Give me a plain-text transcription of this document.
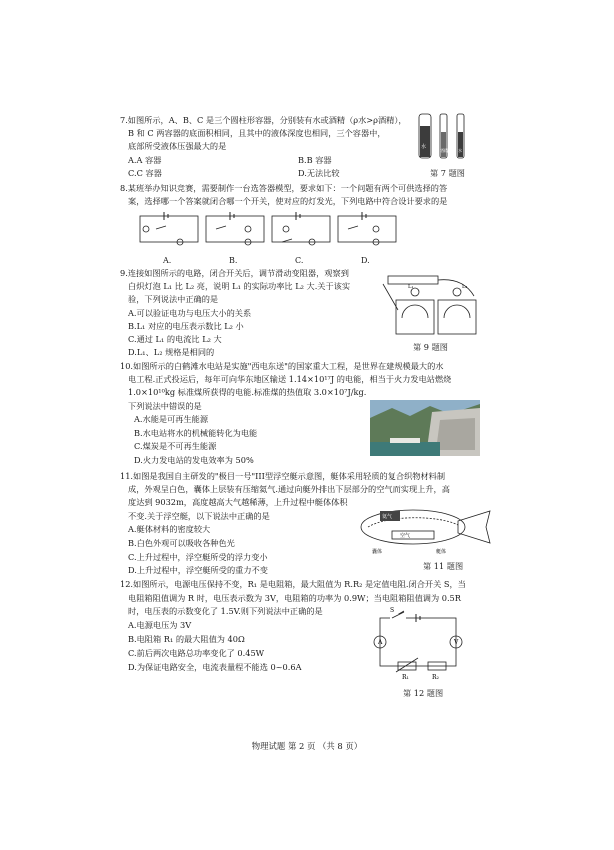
7.如图所示，A、B、C 是三个圆柱形容器，分别装有水或酒精（ρ水>ρ酒精），
B 和 C 两容器的底面积相同，且其中的液体深度也相同，三个容器中，
底部所受液体压强最大的是
A.A 容器	B.B 容器
C.C 容器	D.无法比较
水
酒精	水
第 7 题图
8.某班举办知识竞赛，需要制作一台选答器模型，要求如下：一个问题有两个可供选择的答
案，选择哪一个答案就闭合哪一个开关，使对应的灯发光，下列电路中符合设计要求的是
A.	B.	C.	D.
9.连接如图所示的电路，闭合开关后，调节滑动变阻器，观察到
白炽灯泡 L₁ 比 L₂ 亮，说明 L₁ 的实际功率比 L₂ 大.关于该实
验，下列说法中正确的是
A.可以验证电功与电压大小的关系
B.L₁ 对应的电压表示数比 L₂ 小
C.通过 L₁ 的电流比 L₂ 大
D.L₁、L₂ 规格是相同的
L₁	L₂
第 9 题图
10.如图所示的白鹤滩水电站是实施"西电东送"的国家重大工程，是世界在建规模最大的水
电工程.正式投运后，每年可向华东地区输送 1.14×10¹⁷J 的电能，相当于火力发电站燃烧
1.0×10¹⁰kg 标准煤所获得的电能.标准煤的热值取 3.0×10⁷J/kg.
下列说法中错误的是
A.水能是可再生能源
B.水电站将水的机械能转化为电能
C.煤炭是不可再生能源
D.火力发电站的发电效率为 50%
11.如图是我国自主研发的"极目一号"III型浮空艇示意图，艇体采用轻质的复合织物材料制
成，外观呈白色，囊体上层装有压缩氦气.通过向艇外排出下层部分的空气而实现上升，高
度达到 9032m，高度越高大气越稀薄，上升过程中艇体体积
不变.关于浮空艇，以下说法中正确的是
A.艇体材料的密度较大
B.白色外观可以吸收各种色光
C.上升过程中，浮空艇所受的浮力变小
D.上升过程中，浮空艇所受的重力不变
氦气
空气
囊体	艇体
第 11 题图
12.如图所示，电源电压保持不变，R₁ 是电阻箱，最大阻值为 R.R₂ 是定值电阻.闭合开关 S，当
电阻箱阻值调为 R 时，电压表示数为 3V，电阻箱的功率为 0.9W；当电阻箱阻值调为 0.5R
时，电压表的示数变化了 1.5V.则下列说法中正确的是
A.电源电压为 3V
B.电阻箱 R₁ 的最大阻值为 40Ω
C.前后两次电路总功率变化了 0.45W
D.为保证电路安全，电流表量程不能选 0~0.6A
S
A	V
R₁	R₂
第 12 题图
物理试题 第 2 页 （共 8 页）
